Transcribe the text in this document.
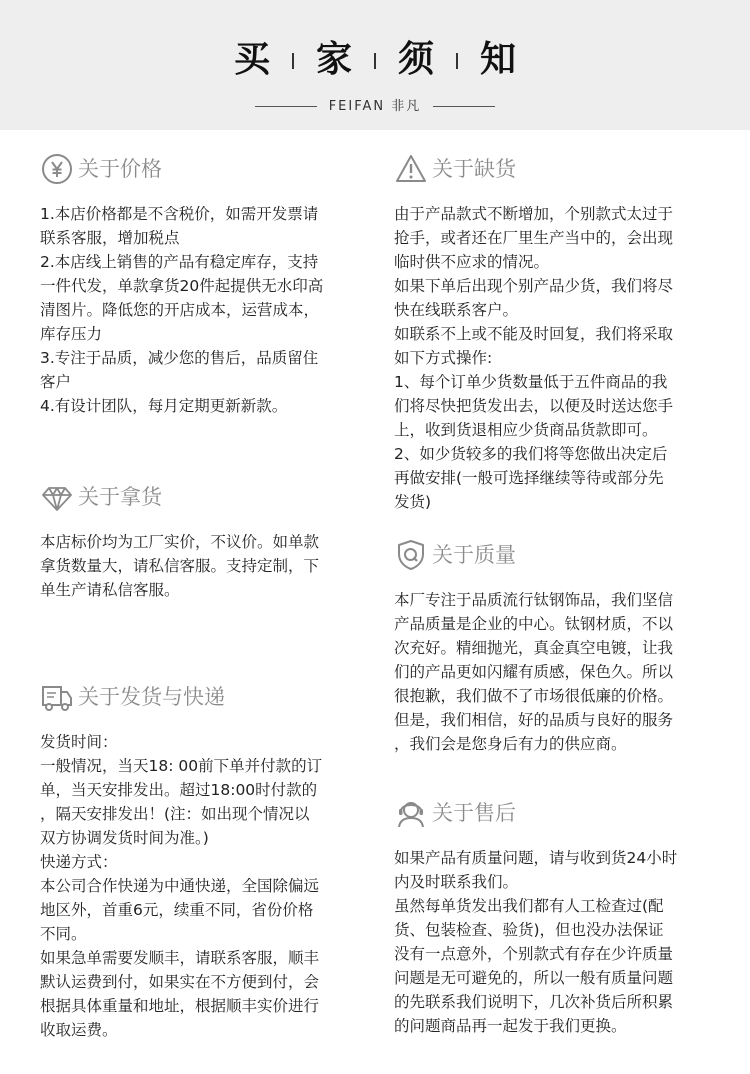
买 家 须 知
FEIFAN 非凡
关于价格

1.本店价格都是不含税价，如需开发票请

联系客服，增加税点

2.本店线上销售的产品有稳定库存，支持

一件代发，单款拿货20件起提供无水印高

清图片。降低您的开店成本，运营成本，

库存压力

3.专注于品质，减少您的售后，品质留住

客户

4.有设计团队，每月定期更新新款。

关于拿货

本店标价均为工厂实价，不议价。如单款

拿货数量大，请私信客服。支持定制，下

单生产请私信客服。

关于发货与快递

发货时间：

一般情况，当天18: 00前下单并付款的订

单，当天安排发出。超过18:00时付款的

，隔天安排发出！(注：如出现个情况以

双方协调发货时间为准。)

快递方式：

本公司合作快递为中通快递，全国除偏远

地区外，首重6元，续重不同，省份价格

不同。

如果急单需要发顺丰，请联系客服，顺丰

默认运费到付，如果实在不方便到付，会

根据具体重量和地址，根据顺丰实价进行

收取运费。

关于缺货

由于产品款式不断增加，个别款式太过于

抢手，或者还在厂里生产当中的，会出现

临时供不应求的情况。

如果下单后出现个别产品少货，我们将尽

快在线联系客户。

如联系不上或不能及时回复，我们将采取

如下方式操作:

1、每个订单少货数量低于五件商品的我

们将尽快把货发出去，以便及时送达您手

上，收到货退相应少货商品货款即可。

2、如少货较多的我们将等您做出决定后

再做安排(一般可选择继续等待或部分先

发货)

关于质量

本厂专注于品质流行钛钢饰品，我们坚信

产品质量是企业的中心。钛钢材质，不以

次充好。精细抛光，真金真空电镀，让我

们的产品更如闪耀有质感，保色久。所以

很抱歉，我们做不了市场很低廉的价格。

但是，我们相信，好的品质与良好的服务

，我们会是您身后有力的供应商。

关于售后

如果产品有质量问题，请与收到货24小时

内及时联系我们。

虽然每单货发出我们都有人工检查过(配

货、包装检查、验货)，但也没办法保证

没有一点意外，个别款式有存在少许质量

问题是无可避免的，所以一般有质量问题

的先联系我们说明下，几次补货后所积累

的问题商品再一起发于我们更换。
